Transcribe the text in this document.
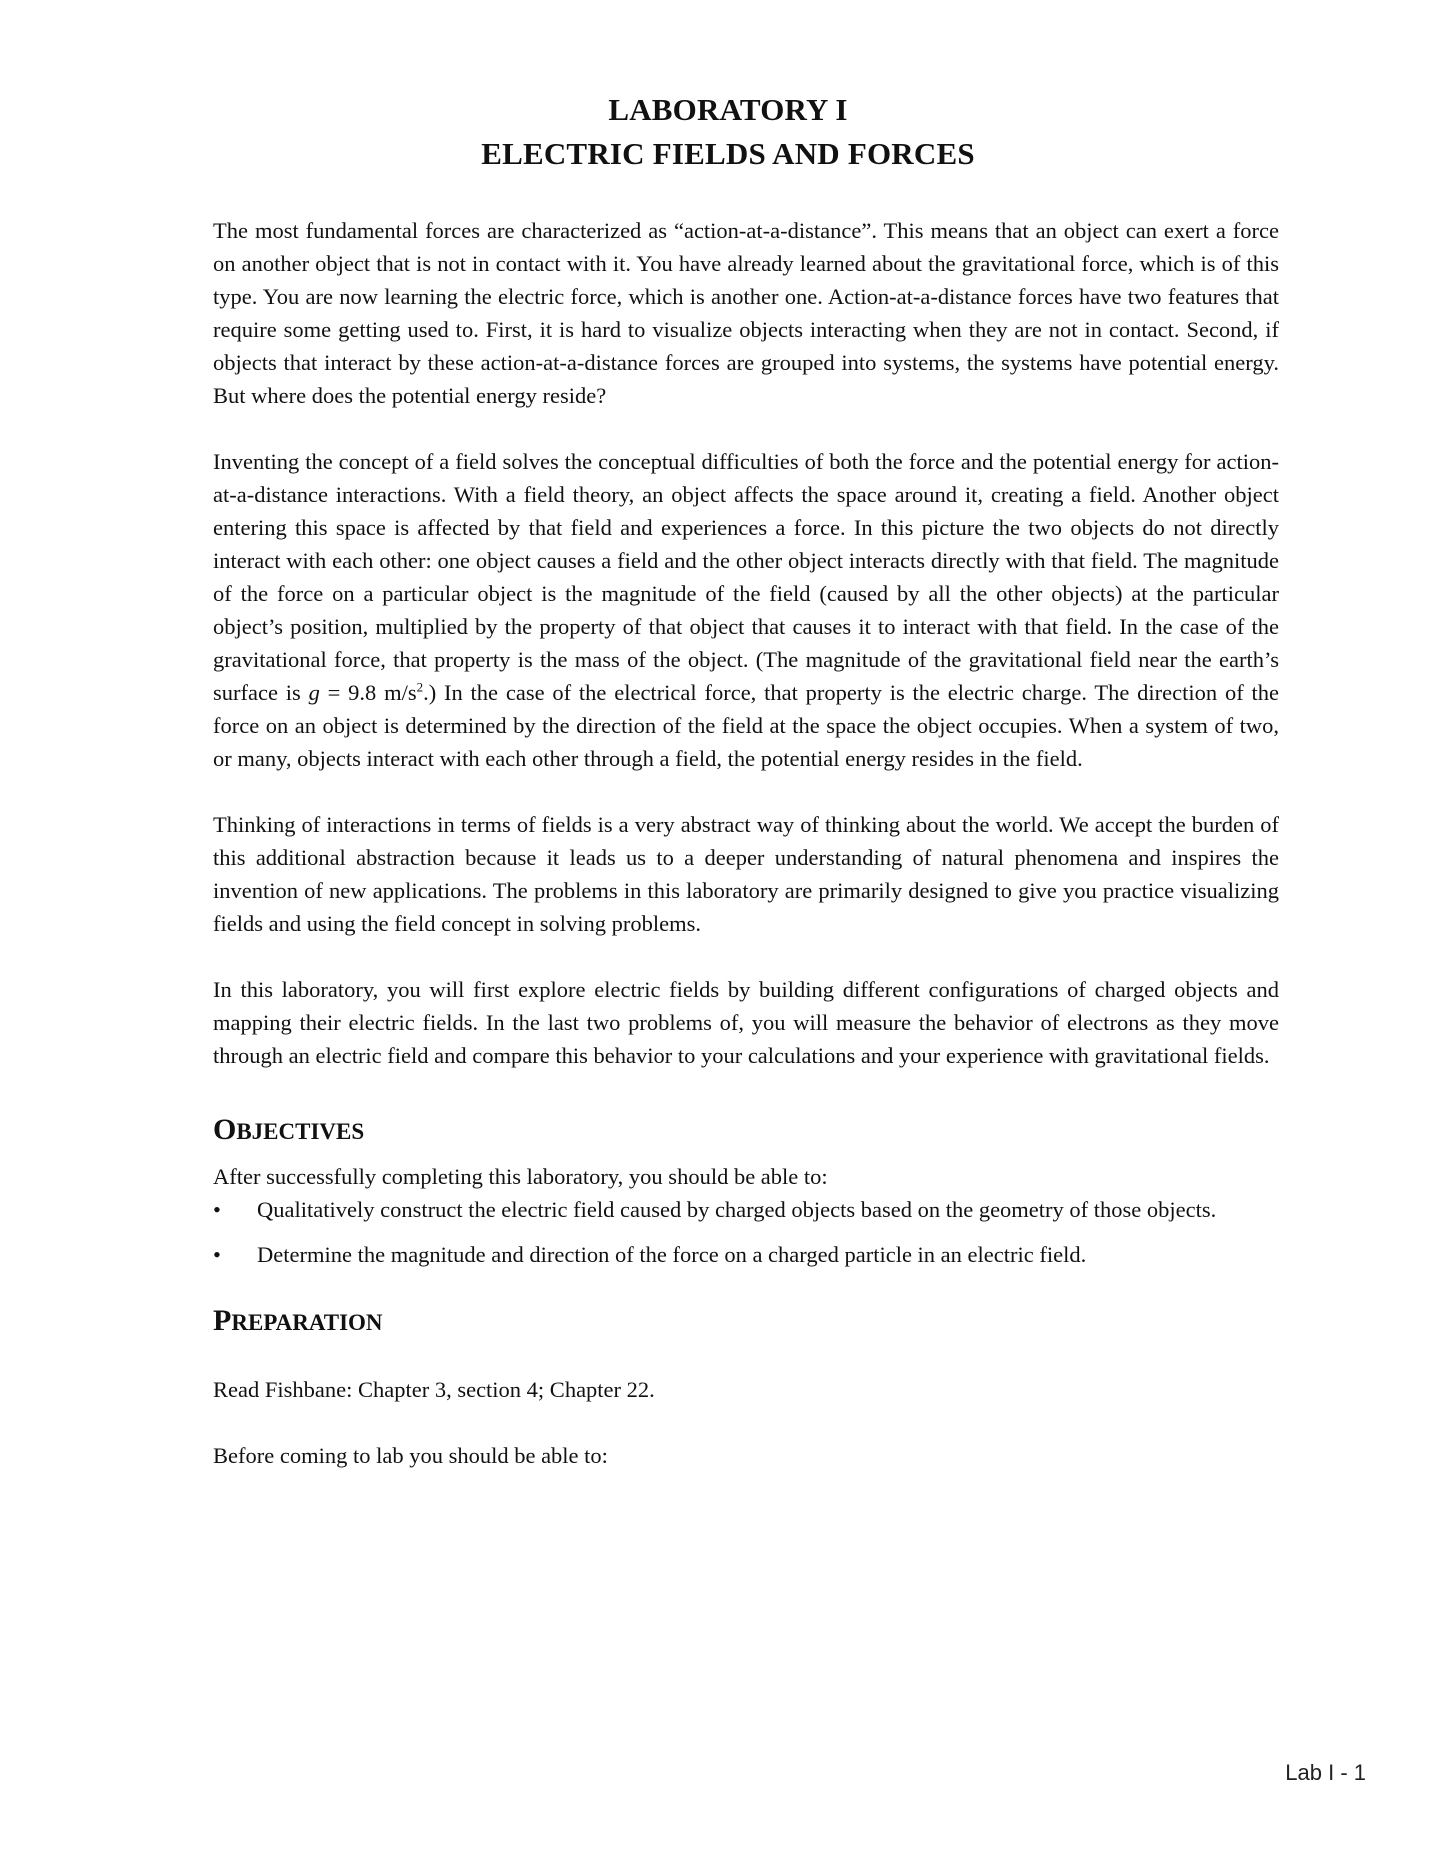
LABORATORY I
ELECTRIC FIELDS AND FORCES

The most fundamental forces are characterized as “action-at-a-distance”. This means that an object can exert a force on another object that is not in contact with it. You have already learned about the gravitational force, which is of this type. You are now learning the electric force, which is another one. Action-at-a-distance forces have two features that require some getting used to. First, it is hard to visualize objects interacting when they are not in contact. Second, if objects that interact by these action-at-a-distance forces are grouped into systems, the systems have potential energy. But where does the potential energy reside?

Inventing the concept of a field solves the conceptual difficulties of both the force and the potential energy for action-at-a-distance interactions. With a field theory, an object affects the space around it, creating a field. Another object entering this space is affected by that field and experiences a force. In this picture the two objects do not directly interact with each other: one object causes a field and the other object interacts directly with that field. The magnitude of the force on a particular object is the magnitude of the field (caused by all the other objects) at the particular object’s position, multiplied by the property of that object that causes it to interact with that field. In the case of the gravitational force, that property is the mass of the object. (The magnitude of the gravitational field near the earth’s surface is g = 9.8 $m/s^2$.) In the case of the electrical force, that property is the electric charge. The direction of the force on an object is determined by the direction of the field at the space the object occupies. When a system of two, or many, objects interact with each other through a field, the potential energy resides in the field.

Thinking of interactions in terms of fields is a very abstract way of thinking about the world. We accept the burden of this additional abstraction because it leads us to a deeper understanding of natural phenomena and inspires the invention of new applications. The problems in this laboratory are primarily designed to give you practice visualizing fields and using the field concept in solving problems.

In this laboratory, you will first explore electric fields by building different configurations of charged objects and mapping their electric fields. In the last two problems of, you will measure the behavior of electrons as they move through an electric field and compare this behavior to your calculations and your experience with gravitational fields.

OBJECTIVES

After successfully completing this laboratory, you should be able to:

•	Qualitatively construct the electric field caused by charged objects based on the geometry of those objects.
•	Determine the magnitude and direction of the force on a charged particle in an electric field.
PREPARATION

Read Fishbane: Chapter 3, section 4; Chapter 22.

Before coming to lab you should be able to:

Lab I - 1
